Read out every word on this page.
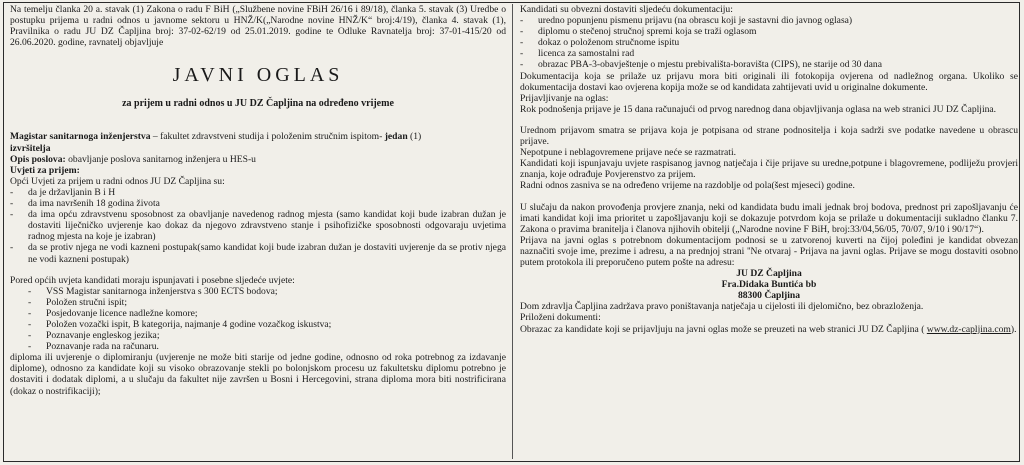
Na temelju članka 20 a. stavak (1) Zakona o radu F BiH („Službene novine FBiH 26/16 i 89/18), članka 5. stavak (3) Uredbe o postupku prijema u radni odnos u javnome sektoru u HNŽ/K(„Narodne novine HNŽ/K“ broj:4/19), članka 4. stavak (1), Pravilnika o radu JU DZ Čapljina broj: 37-02-62/19 od 25.01.2019. godine te Odluke Ravnatelja broj: 37-01-415/20 od 26.06.2020. godine, ravnatelj objavljuje

JAVNI OGLAS
za prijem u radni odnos u JU DZ Čapljina na određeno vrijeme

Magistar sanitarnoga inženjerstva – fakultet zdravstveni studija i položenim stručnim ispitom- jedan (1)
izvršitelja

Opis poslova: obavljanje poslova sanitarnog inženjera u HES-u

Uvjeti za prijem:

Opći Uvjeti za prijem u radni odnos JU DZ Čapljina su:

-	da je državljanin B i H
-	da ima navršenih 18 godina života
-	da ima opću zdravstvenu sposobnost za obavljanje navedenog radnog mjesta (samo kandidat koji bude izabran dužan je dostaviti liječničko uvjerenje kao dokaz da njegovo zdravstveno stanje i psihofizičke sposobnosti odgovaraju uvjetima radnog mjesta na koje je izabran)
-	da se protiv njega ne vodi kazneni postupak(samo kandidat koji bude izabran dužan je dostaviti uvjerenje da se protiv njega ne vodi kazneni postupak)

Pored općih uvjeta kandidati moraju ispunjavati i posebne sljedeće uvjete:

-	VSS Magistar sanitarnoga inženjerstva s 300 ECTS bodova;
-	Položen stručni ispit;
-	Posjedovanje licence nadležne komore;
-	Položen vozački ispit, B kategorija, najmanje 4 godine vozačkog iskustva;
-	Poznavanje engleskog jezika;
-	Poznavanje rada na računaru.

diploma ili uvjerenje o diplomiranju (uvjerenje ne može biti starije od jedne godine, odnosno od roka potrebnog za izdavanje diplome), odnosno za kandidate koji su visoko obrazovanje stekli po bolonjskom procesu uz fakultetsku diplomu potrebno je dostaviti i dodatak diplomi, a u slučaju da fakultet nije završen u Bosni i Hercegovini, strana diploma mora biti nostrificirana (dokaz o nostrifikaciji);

Kandidati su obvezni dostaviti sljedeću dokumentaciju:

-	uredno popunjenu pismenu prijavu (na obrascu koji je sastavni dio javnog oglasa)
-	diplomu o stečenoj stručnoj spremi koja se traži oglasom
-	dokaz o položenom stručnome ispitu
-	licenca za samostalni rad
-	obrazac PBA-3-obavještenje o mjestu prebivališta-boravišta (CIPS), ne starije od 30 dana

Dokumentacija koja se prilaže uz prijavu mora biti originali ili fotokopija ovjerena od nadležnog organa. Ukoliko se dokumentacija dostavi kao ovjerena kopija može se od kandidata zahtijevati uvid u originalne dokumente.

Prijavljivanje na oglas:

Rok podnošenja prijave je 15 dana računajući od prvog narednog dana objavljivanja oglasa na web stranici JU DZ Čapljina.

Urednom prijavom smatra se prijava koja je potpisana od strane podnositelja i koja sadrži sve podatke navedene u obrascu prijave.

Nepotpune i neblagovremene prijave neće se razmatrati.

Kandidati koji ispunjavaju uvjete raspisanog javnog natječaja i čije prijave su uredne,potpune i blagovremene, podliježu provjeri znanja, koje odrađuje Povjerenstvo za prijem.

Radni odnos zasniva se na određeno vrijeme na razdoblje od pola(šest mjeseci) godine.

U slučaju da nakon provođenja provjere znanja, neki od kandidata budu imali jednak broj bodova, prednost pri zapošljavanju će imati kandidat koji ima prioritet u zapošljavanju koji se dokazuje potvrdom koja se prilaže u dokumentaciji sukladno članku 7. Zakona o pravima branitelja i članova njihovih obitelji („Narodne novine F BiH, broj:33/04,56/05, 70/07, 9/10 i 90/17“).

Prijava na javni oglas s potrebnom dokumentacijom podnosi se u zatvorenoj kuverti na čijoj poleđini je kandidat obvezan naznačiti svoje ime, prezime i adresu, a na prednjoj strani ''Ne otvaraj - Prijava na javni oglas. Prijave se mogu dostaviti osobno putem protokola ili preporučeno putem pošte na adresu:

JU DZ Čapljina
Fra.Didaka Buntića bb
88300 Čapljina

Dom zdravlja Čapljina zadržava pravo poništavanja natječaja u cijelosti ili djelomično, bez obrazloženja.

Priloženi dokumenti:

Obrazac za kandidate koji se prijavljuju na javni oglas može se preuzeti na web stranici JU DZ Čapljina ( www.dz-capljina.com).
